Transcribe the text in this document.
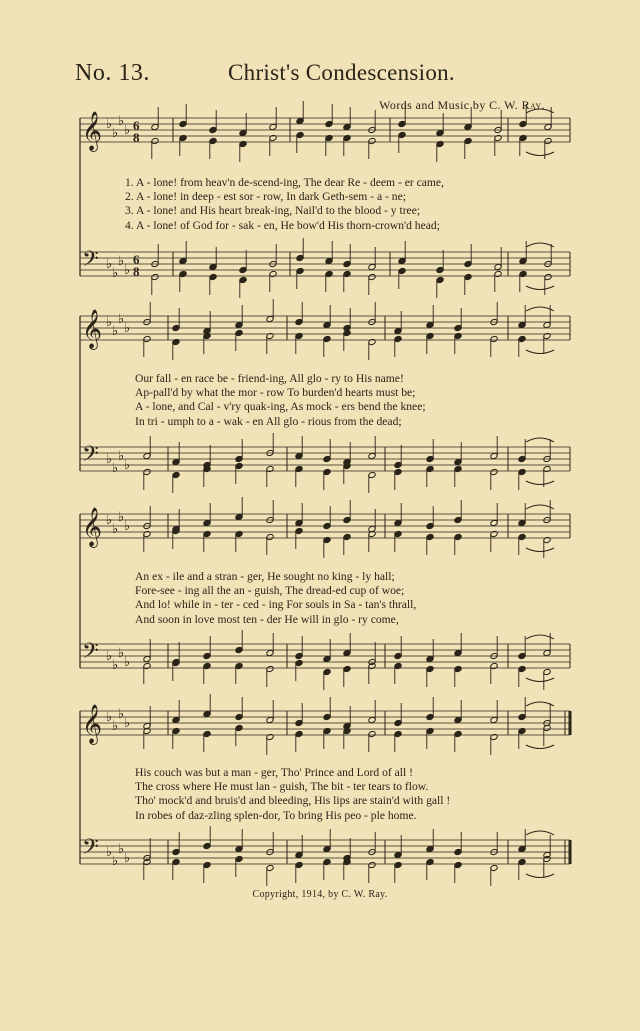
No. 13.	Christ's Condescension.
Words and Music by C. W. Ray.
𝄞 ♭
♭
♭
♭ 6
8
𝄢 ♭
♭
♭
♭
6
8
𝄞 ♭
♭
♭
♭
𝄢 ♭
♭
♭
♭
𝄞 ♭
♭
♭
♭
𝄢 ♭
♭
♭
♭
𝄞 ♭
♭
♭
♭
𝄢 ♭
♭
♭
♭
1. A - lone! from heav'n de-scend-ing, The dear Re - deem - er came,
2. A - lone! in deep - est sor - row, In dark Geth-sem - a - ne;
3. A - lone! and His heart break-ing, Nail'd to the blood - y tree;
4. A - lone! of God for - sak - en, He bow'd His thorn-crown'd head;
Our fall - en race be - friend-ing, All glo - ry to His name!
Ap-pall'd by what the mor - row To burden'd hearts must be;
A - lone, and Cal - v'ry quak-ing, As mock - ers bend the knee;
In tri - umph to a - wak - en All glo - rious from the dead;
An ex - ile and a stran - ger, He sought no king - ly hall;
Fore-see - ing all the an - guish, The dread-ed cup of woe;
And lo! while in - ter - ced - ing For souls in Sa - tan's thrall,
And soon in love most ten - der He will in glo - ry come,
His couch was but a man - ger, Tho' Prince and Lord of all !
The cross where He must lan - guish, The bit - ter tears to flow.
Tho' mock'd and bruis'd and bleeding, His lips are stain'd with gall !
In robes of daz-zling splen-dor, To bring His peo - ple home.
Copyright, 1914, by C. W. Ray.
